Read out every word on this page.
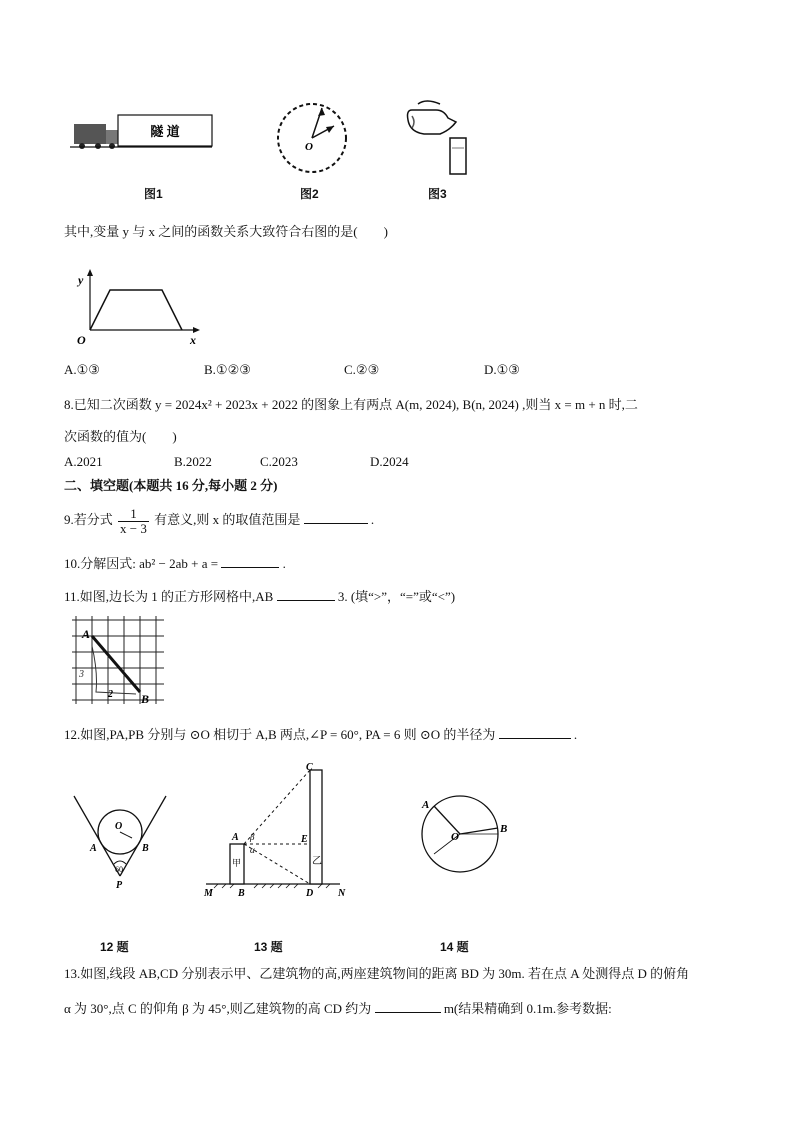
隧 道
图1
O
图2	图3
其中,变量 y 与 x 之间的函数关系大致符合右图的是(　　)
y
x
O
A.①③	B.①②③	C.②③	D.①③
8.已知二次函数 y = 2024x² + 2023x + 2022 的图象上有两点 A(m, 2024), B(n, 2024) ,则当 x = m + n 时,二
次函数的值为(　　)
A.2021	B.2022	C.2023	D.2024
二、填空题(本题共 16 分,每小题 2 分)
9.若分式 $\frac{1}{x - 3}$ 有意义,则 x 的取值范围是	.
10.分解因式: ab² − 2ab + a =	.
11.如图,边长为 1 的正方形网格中,AB	3. (填“>”，“=”或“<”)
A
B
3
2
12.如图,PA,PB 分别与 ⊙O 相切于 A,B 两点,∠P = 60°, PA = 6 则 ⊙O 的半径为	.
O
A	B
P
60
12 题
A
B
C
D
E
M	N
β
α
甲	乙
13 题
A
B
O
14 题
13.如图,线段 AB,CD 分别表示甲、乙建筑物的高,两座建筑物间的距离 BD 为 30m. 若在点 A 处测得点 D 的俯角
α 为 30°,点 C 的仰角 β 为 45°,则乙建筑物的高 CD 约为	m(结果精确到 0.1m.参考数据:
